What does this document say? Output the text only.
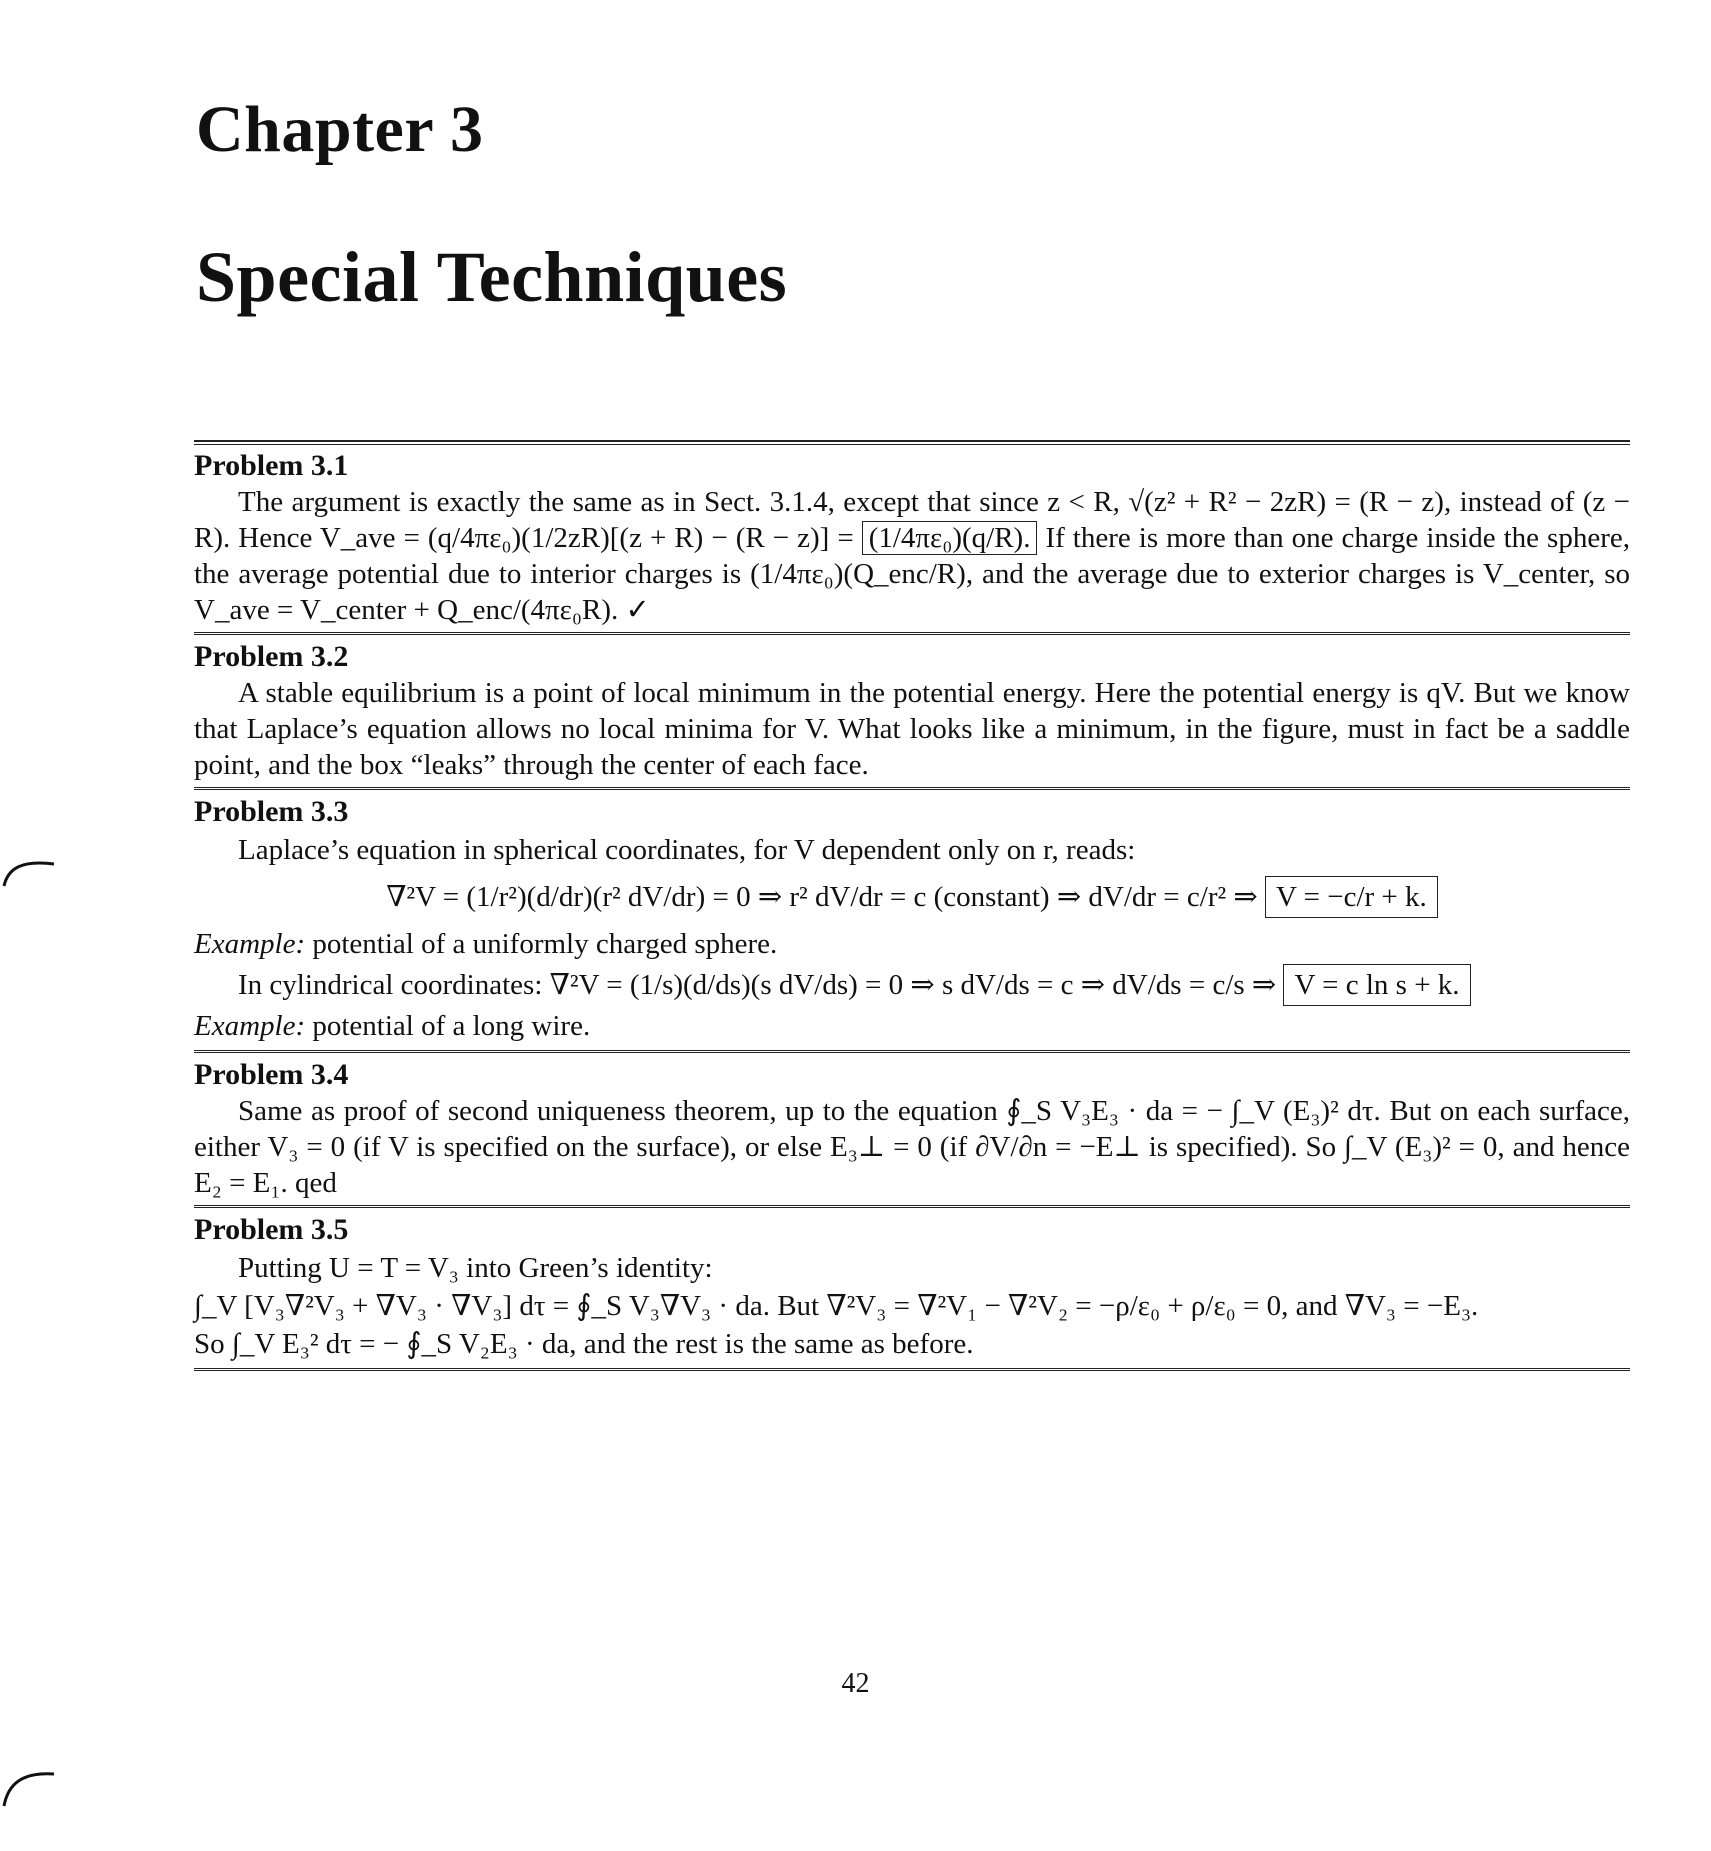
Chapter 3
Special Techniques
Problem 3.1
The argument is exactly the same as in Sect. 3.1.4, except that since z < R, √(z² + R² − 2zR) = (R − z), instead of (z − R). Hence V_ave = (q/4πε₀)(1/2zR)[(z + R) − (R − z)] = (1/4πε₀)(q/R). If there is more than one charge inside the sphere, the average potential due to interior charges is (1/4πε₀)(Q_enc/R), and the average due to exterior charges is V_center, so V_ave = V_center + Q_enc/(4πε₀R). ✓
Problem 3.2
A stable equilibrium is a point of local minimum in the potential energy. Here the potential energy is qV. But we know that Laplace’s equation allows no local minima for V. What looks like a minimum, in the figure, must in fact be a saddle point, and the box “leaks” through the center of each face.
Problem 3.3
Laplace’s equation in spherical coordinates, for V dependent only on r, reads:
∇²V = (1/r²)(d/dr)(r² dV/dr) = 0 ⇒ r² dV/dr = c (constant) ⇒ dV/dr = c/r² ⇒ V = −c/r + k.
Example: potential of a uniformly charged sphere.
In cylindrical coordinates: ∇²V = (1/s)(d/ds)(s dV/ds) = 0 ⇒ s dV/ds = c ⇒ dV/ds = c/s ⇒ V = c ln s + k.
Example: potential of a long wire.
Problem 3.4
Same as proof of second uniqueness theorem, up to the equation ∮_S V₃E₃ · da = − ∫_V (E₃)² dτ. But on each surface, either V₃ = 0 (if V is specified on the surface), or else E₃⊥ = 0 (if ∂V/∂n = −E⊥ is specified). So ∫_V (E₃)² = 0, and hence E₂ = E₁. qed
Problem 3.5
Putting U = T = V₃ into Green’s identity:
∫_V [V₃∇²V₃ + ∇V₃ · ∇V₃] dτ = ∮_S V₃∇V₃ · da. But ∇²V₃ = ∇²V₁ − ∇²V₂ = −ρ/ε₀ + ρ/ε₀ = 0, and ∇V₃ = −E₃.
So ∫_V E₃² dτ = − ∮_S V₂E₃ · da, and the rest is the same as before.
42
